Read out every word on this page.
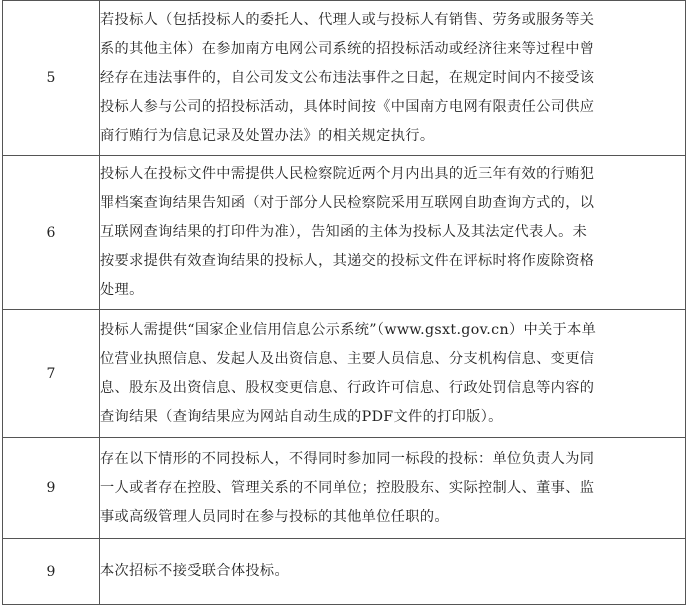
5	若投标人（包括投标人的委托人、代理人或与投标人有销售、劳务或服务等关
系的其他主体）在参加南方电网公司系统的招投标活动或经济往来等过程中曾
经存在违法事件的，自公司发文公布违法事件之日起，在规定时间内不接受该
投标人参与公司的招投标活动，具体时间按《中国南方电网有限责任公司供应
商行贿行为信息记录及处置办法》的相关规定执行。

6	投标人在投标文件中需提供人民检察院近两个月内出具的近三年有效的行贿犯
罪档案查询结果告知函（对于部分人民检察院采用互联网自助查询方式的，以
互联网查询结果的打印件为准），告知函的主体为投标人及其法定代表人。未
按要求提供有效查询结果的投标人，其递交的投标文件在评标时将作废除资格
处理。

7	投标人需提供“国家企业信用信息公示系统”（www.gsxt.gov.cn）中关于本单
位营业执照信息、发起人及出资信息、主要人员信息、分支机构信息、变更信
息、股东及出资信息、股权变更信息、行政许可信息、行政处罚信息等内容的
查询结果（查询结果应为网站自动生成的PDF文件的打印版）。

9	存在以下情形的不同投标人，不得同时参加同一标段的投标：单位负责人为同
一人或者存在控股、管理关系的不同单位；控股股东、实际控制人、董事、监
事或高级管理人员同时在参与投标的其他单位任职的。

9	本次招标不接受联合体投标。
